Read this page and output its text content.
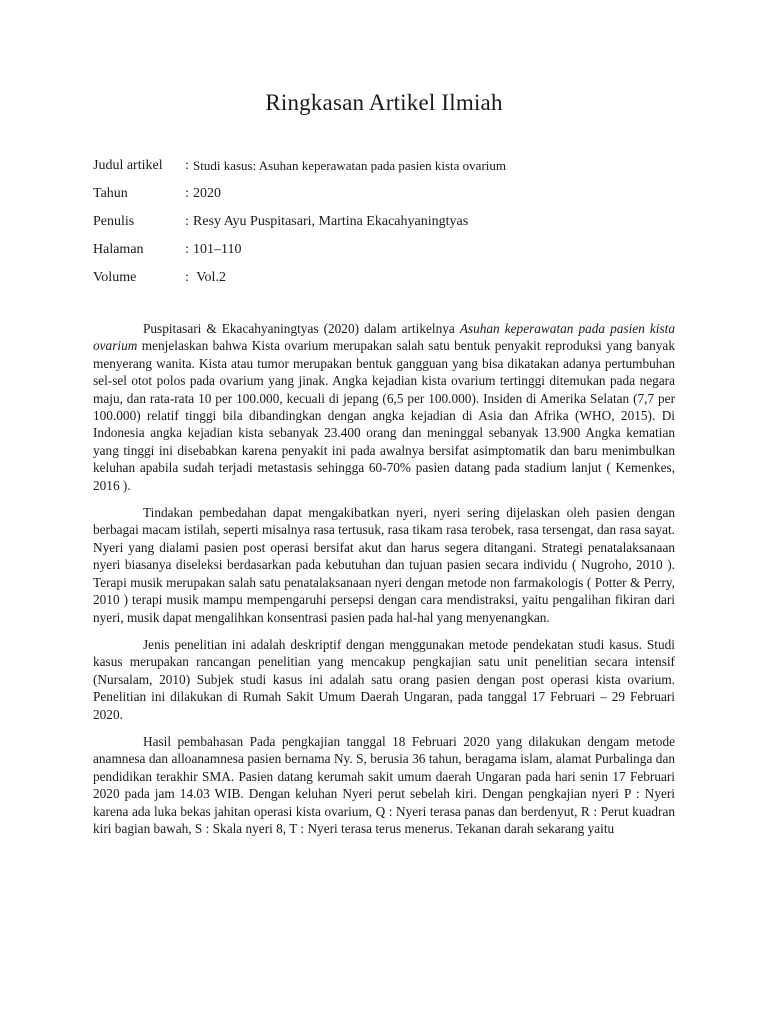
Ringkasan Artikel Ilmiah
Judul artikel	: Studi kasus: Asuhan keperawatan pada pasien kista ovarium
Tahun	: 2020
Penulis	: Resy Ayu Puspitasari, Martina Ekacahyaningtyas
Halaman	: 101–110
Volume	: Vol.2

Puspitasari & Ekacahyaningtyas (2020) dalam artikelnya Asuhan keperawatan pada pasien kista ovarium menjelaskan bahwa Kista ovarium merupakan salah satu bentuk penyakit reproduksi yang banyak menyerang wanita. Kista atau tumor merupakan bentuk gangguan yang bisa dikatakan adanya pertumbuhan sel-sel otot polos pada ovarium yang jinak. Angka kejadian kista ovarium tertinggi ditemukan pada negara maju, dan rata-rata 10 per 100.000, kecuali di jepang (6,5 per 100.000). Insiden di Amerika Selatan (7,7 per 100.000) relatif tinggi bila dibandingkan dengan angka kejadian di Asia dan Afrika (WHO, 2015). Di Indonesia angka kejadian kista sebanyak 23.400 orang dan meninggal sebanyak 13.900 Angka kematian yang tinggi ini disebabkan karena penyakit ini pada awalnya bersifat asimptomatik dan baru menimbulkan keluhan apabila sudah terjadi metastasis sehingga 60-70% pasien datang pada stadium lanjut ( Kemenkes, 2016 ).

Tindakan pembedahan dapat mengakibatkan nyeri, nyeri sering dijelaskan oleh pasien dengan berbagai macam istilah, seperti misalnya rasa tertusuk, rasa tikam rasa terobek, rasa tersengat, dan rasa sayat. Nyeri yang dialami pasien post operasi bersifat akut dan harus segera ditangani. Strategi penatalaksanaan nyeri biasanya diseleksi berdasarkan pada kebutuhan dan tujuan pasien secara individu ( Nugroho, 2010 ). Terapi musik merupakan salah satu penatalaksanaan nyeri dengan metode non farmakologis ( Potter & Perry, 2010 ) terapi musik mampu mempengaruhi persepsi dengan cara mendistraksi, yaitu pengalihan fikiran dari nyeri, musik dapat mengalihkan konsentrasi pasien pada hal-hal yang menyenangkan.

Jenis penelitian ini adalah deskriptif dengan menggunakan metode pendekatan studi kasus. Studi kasus merupakan rancangan penelitian yang mencakup pengkajian satu unit penelitian secara intensif (Nursalam, 2010) Subjek studi kasus ini adalah satu orang pasien dengan post operasi kista ovarium. Penelitian ini dilakukan di Rumah Sakit Umum Daerah Ungaran, pada tanggal 17 Februari – 29 Februari 2020.

Hasil pembahasan Pada pengkajian tanggal 18 Februari 2020 yang dilakukan dengam metode anamnesa dan alloanamnesa pasien bernama Ny. S, berusia 36 tahun, beragama islam, alamat Purbalinga dan pendidikan terakhir SMA. Pasien datang kerumah sakit umum daerah Ungaran pada hari senin 17 Februari 2020 pada jam 14.03 WIB. Dengan keluhan Nyeri perut sebelah kiri. Dengan pengkajian nyeri P : Nyeri karena ada luka bekas jahitan operasi kista ovarium, Q : Nyeri terasa panas dan berdenyut, R : Perut kuadran kiri bagian bawah, S : Skala nyeri 8, T : Nyeri terasa terus menerus. Tekanan darah sekarang yaitu
